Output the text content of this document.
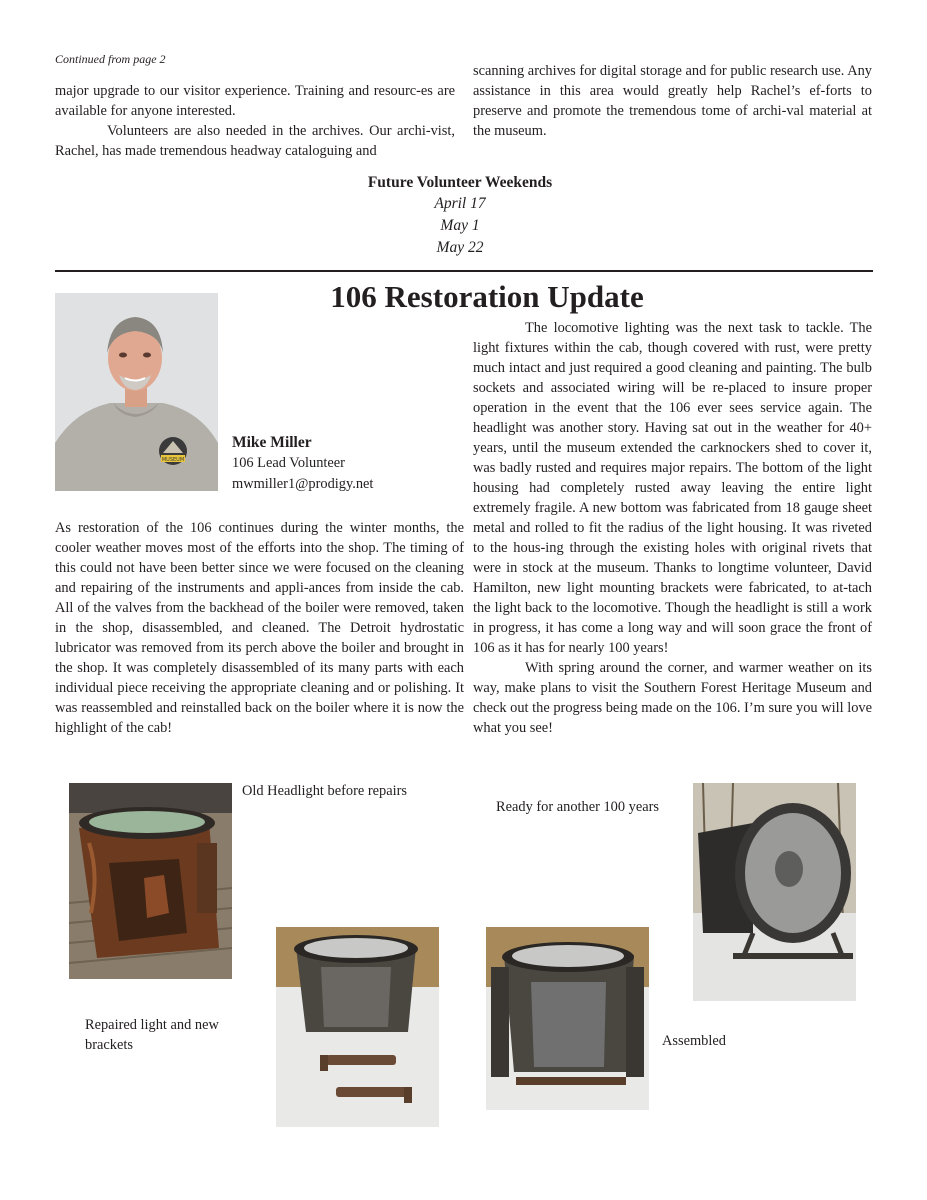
Continued from page 2

major upgrade to our visitor experience. Training and resourc-es are available for anyone interested.

Volunteers are also needed in the archives. Our archi-vist, Rachel, has made tremendous headway cataloguing and

scanning archives for digital storage and for public research use. Any assistance in this area would greatly help Rachel’s ef-forts to preserve and promote the tremendous tome of archi-val material at the museum.

Future Volunteer Weekends
April 17
May 1
May 22
106 Restoration Update
MUSEUM
Mike Miller
106 Lead Volunteer
mwmiller1@prodigy.net

As restoration of the 106 continues during the winter months, the cooler weather moves most of the efforts into the shop. The timing of this could not have been better since we were focused on the cleaning and repairing of the instruments and appli-ances from inside the cab. All of the valves from the backhead of the boiler were removed, taken in the shop, disassembled, and cleaned. The Detroit hydrostatic lubricator was removed from its perch above the boiler and brought in the shop. It was completely disassembled of its many parts with each individual piece receiving the appropriate cleaning and or polishing. It was reassembled and reinstalled back on the boiler where it is now the highlight of the cab!

The locomotive lighting was the next task to tackle. The light fixtures within the cab, though covered with rust, were pretty much intact and just required a good cleaning and painting. The bulb sockets and associated wiring will be re-placed to insure proper operation in the event that the 106 ever sees service again. The headlight was another story. Having sat out in the weather for 40+ years, until the museum extended the carknockers shed to cover it, was badly rusted and requires major repairs. The bottom of the light housing had completely rusted away leaving the entire light extremely fragile. A new bottom was fabricated from 18 gauge sheet metal and rolled to fit the radius of the light housing. It was riveted to the hous-ing through the existing holes with original rivets that were in stock at the museum. Thanks to longtime volunteer, David Hamilton, new light mounting brackets were fabricated, to at-tach the light back to the locomotive. Though the headlight is still a work in progress, it has come a long way and will soon grace the front of 106 as it has for nearly 100 years!

With spring around the corner, and warmer weather on its way, make plans to visit the Southern Forest Heritage Museum and check out the progress being made on the 106. I’m sure you will love what you see!

Old Headlight before repairs
Repaired light and new brackets	Assembled
Ready for another 100 years
